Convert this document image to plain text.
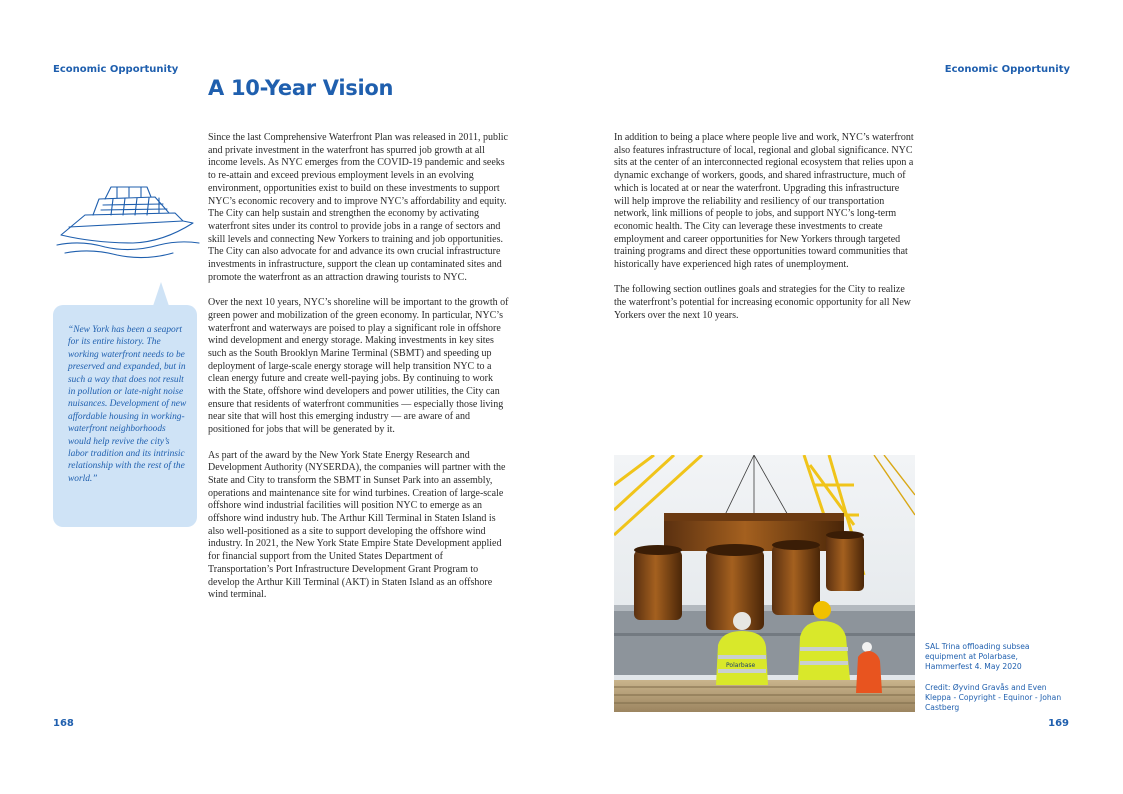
Economic Opportunity	Economic Opportunity
A 10-Year Vision
“New York has been a seaport for its entire history. The working waterfront needs to be preserved and expanded, but in such a way that does not result in pollution or late-night noise nuisances. Development of new affordable housing in working-waterfront neighborhoods would help revive the city’s labor tradition and its intrinsic relationship with the rest of the world.”

Since the last Comprehensive Waterfront Plan was released in 2011, public and private investment in the waterfront has spurred job growth at all income levels. As NYC emerges from the COVID-19 pandemic and seeks to re-attain and exceed previous employment levels in an evolving environment, opportunities exist to build on these investments to support NYC’s economic recovery and to improve NYC’s affordability and equity. The City can help sustain and strengthen the economy by activating waterfront sites under its control to provide jobs in a range of sectors and skill levels and connecting New Yorkers to training and job opportunities. The City can also advocate for and advance its own crucial infrastructure investments in infrastructure, support the clean up contaminated sites and promote the waterfront as an attraction drawing tourists to NYC.

Over the next 10 years, NYC’s shoreline will be important to the growth of green power and mobilization of the green economy. In particular, NYC’s waterfront and waterways are poised to play a significant role in offshore wind development and energy storage. Making investments in key sites such as the South Brooklyn Marine Terminal (SBMT) and speeding up deployment of large-scale energy storage will help transition NYC to a clean energy future and create well-paying jobs. By continuing to work with the State, offshore wind developers and power utilities, the City can ensure that residents of waterfront communities — especially those living near site that will host this emerging industry — are aware of and positioned for jobs that will be generated by it.

As part of the award by the New York State Energy Research and Development Authority (NYSERDA), the companies will partner with the State and City to transform the SBMT in Sunset Park into an assembly, operations and maintenance site for wind turbines. Creation of large-scale offshore wind industrial facilities will position NYC to emerge as an offshore wind industry hub. The Arthur Kill Terminal in Staten Island is also well-positioned as a site to support developing the offshore wind industry. In 2021, the New York State Empire State Development applied for financial support from the United States Department of Transportation’s Port Infrastructure Development Grant Program to develop the Arthur Kill Terminal (AKT) in Staten Island as an offshore wind terminal.

In addition to being a place where people live and work, NYC’s waterfront also features infrastructure of local, regional and global significance. NYC sits at the center of an interconnected regional ecosystem that relies upon a dynamic exchange of workers, goods, and shared infrastructure, much of which is located at or near the waterfront. Upgrading this infrastructure will help improve the reliability and resiliency of our transportation network, link millions of people to jobs, and support NYC’s long-term economic health. The City can leverage these investments to create employment and career opportunities for New Yorkers through targeted training programs and direct these opportunities toward communities that historically have experienced high rates of unemployment.

The following section outlines goals and strategies for the City to realize the waterfront’s potential for increasing economic opportunity for all New Yorkers over the next 10 years.

Polarbase

SAL Trina offloading subsea equipment at Polarbase, Hammerfest 4. May 2020

Credit: Øyvind Gravås and Even Kleppa - Copyright - Equinor - Johan Castberg

168	169
